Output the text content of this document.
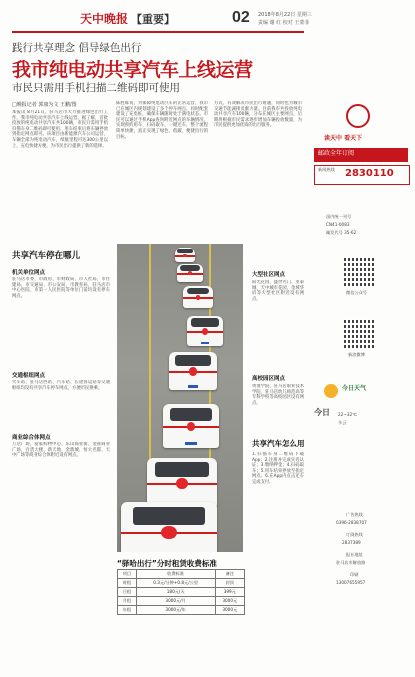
天中晚报 【重要】	02 2018年8月22日 星期三
责编 谢 红 校对 王蒙菲
践行共享理念 倡导绿色出行
我市纯电动共享汽车上线运营
市民只需用手机扫描二维码即可使用
□晚报记者 郭康为文 王鹏/图
本报讯 8月21日，驻马店市大力推进绿色出行工作，我市纯电动共享汽车上线运营。据了解，首批投放的纯电动共享汽车共100辆，市民只需用手机扫描车身二维码即可使用，用车结束后将车辆停放到指定网点即可。该项目由新能源汽车公司运营，车辆全部为纯电动汽车，续航里程可达300公里以上，充电快捷方便，为市民出行提供了新的选择。
陈胜晖说，为保障纯电动汽车的正常运营，我市已在城区内规划建设了多个停车网点，同时配套建设了充电桩，确保车辆随时处于满电状态。市民可以通过手机App查询附近网点的车辆情况，实现预约用车、扫码取车、一键还车，整个流程简单快捷，真正实现了绿色、低碳、便捷出行的目标。
方式，有效解决市民出行难题，同时也为城市交通节能减排贡献力量。目前我市共投放纯电动共享汽车100辆，分布在城区主要网点，后期将根据市民需求逐步增加车辆投放数量，为市民提供更加优质的出行服务。
共享汽车停在哪儿
机关单位网点
驻马店市委、市政府、市财政局、市人社局、市住建局、市交通局、市公安局、市教育局、驻马店市中心医院、市第一人民医院等单位门前均设有停车网点。
交通枢纽网点
火车站、驻马店西站、汽车站、长途客运站等交通枢纽均设有共享汽车停车网点，方便市民换乘。
商业综合体网点
万达广场、爱家购物中心、乐山商业街、金雀商业广场、百货大楼、新天地、金鼎城、恒大名都、天中广场等商业综合体附近设有网点。
“驿哈出行”分时租赁收费标准
项目	收费标准	备注
时租	0.3元/分钟+0.8元/公里	封顶
日租	180元/天	399元
月租	3000元/月	3000元
年租	3000元/年	3000元
大型社区网点
阳光花园、盛世名门、亚泰城、天中城市花园、金域华府等大型社区附近设有网点。
高校园区网点
黄淮学院、驻马店职业技术学院、驻马店幼儿师范高等专科学校等高校园区设有网点。
共享汽车怎么用
1.扫描车身二维码下载App；2.注册并完成实名认证；3.缴纳押金；4.扫码取车；5.用车结束停放至指定网点；6.在App内点击还车完成支付。
读天中 看天下
邮政全年订阅
新闻热线 2830110
国内统一刊号
CN41-0083
邮发代号 35-62
微信公众号
新浪微博
今日天气
今日 22~32℃
多云
广告热线
0396-2838707
订阅热线
2837389
报社地址
驻马店市解放路
印刷
13007655957
